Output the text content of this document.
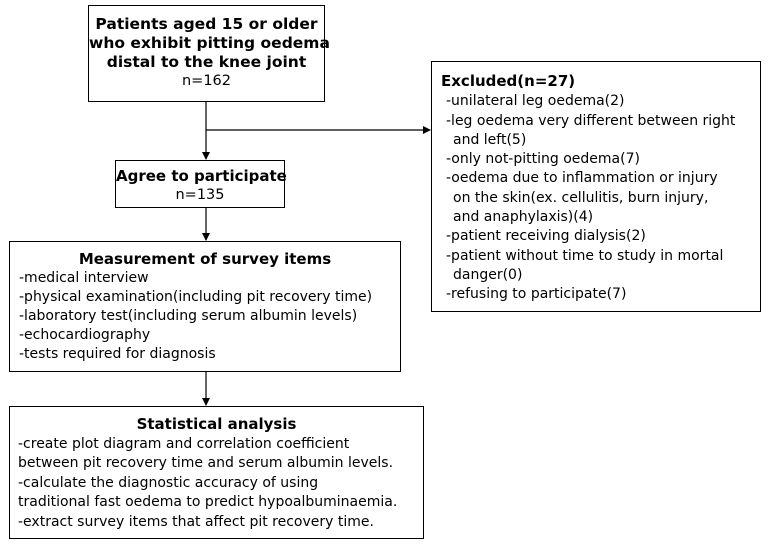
Patients aged 15 or older
who exhibit pitting oedema
distal to the knee joint
n=162
Agree to participate
n=135
Measurement of survey items
-medical interview
-physical examination(including pit recovery time)
-laboratory test(including serum albumin levels)
-echocardiography
-tests required for diagnosis
Statistical analysis
-create plot diagram and correlation coefficient
between pit recovery time and serum albumin levels.
-calculate the diagnostic accuracy of using
traditional fast oedema to predict hypoalbuminaemia.
-extract survey items that affect pit recovery time.
Excluded(n=27)
-unilateral leg oedema(2)
-leg oedema very different between right
and left(5)
-only not-pitting oedema(7)
-oedema due to inflammation or injury
on the skin(ex. cellulitis, burn injury,
and anaphylaxis)(4)
-patient receiving dialysis(2)
-patient without time to study in mortal
danger(0)
-refusing to participate(7)
